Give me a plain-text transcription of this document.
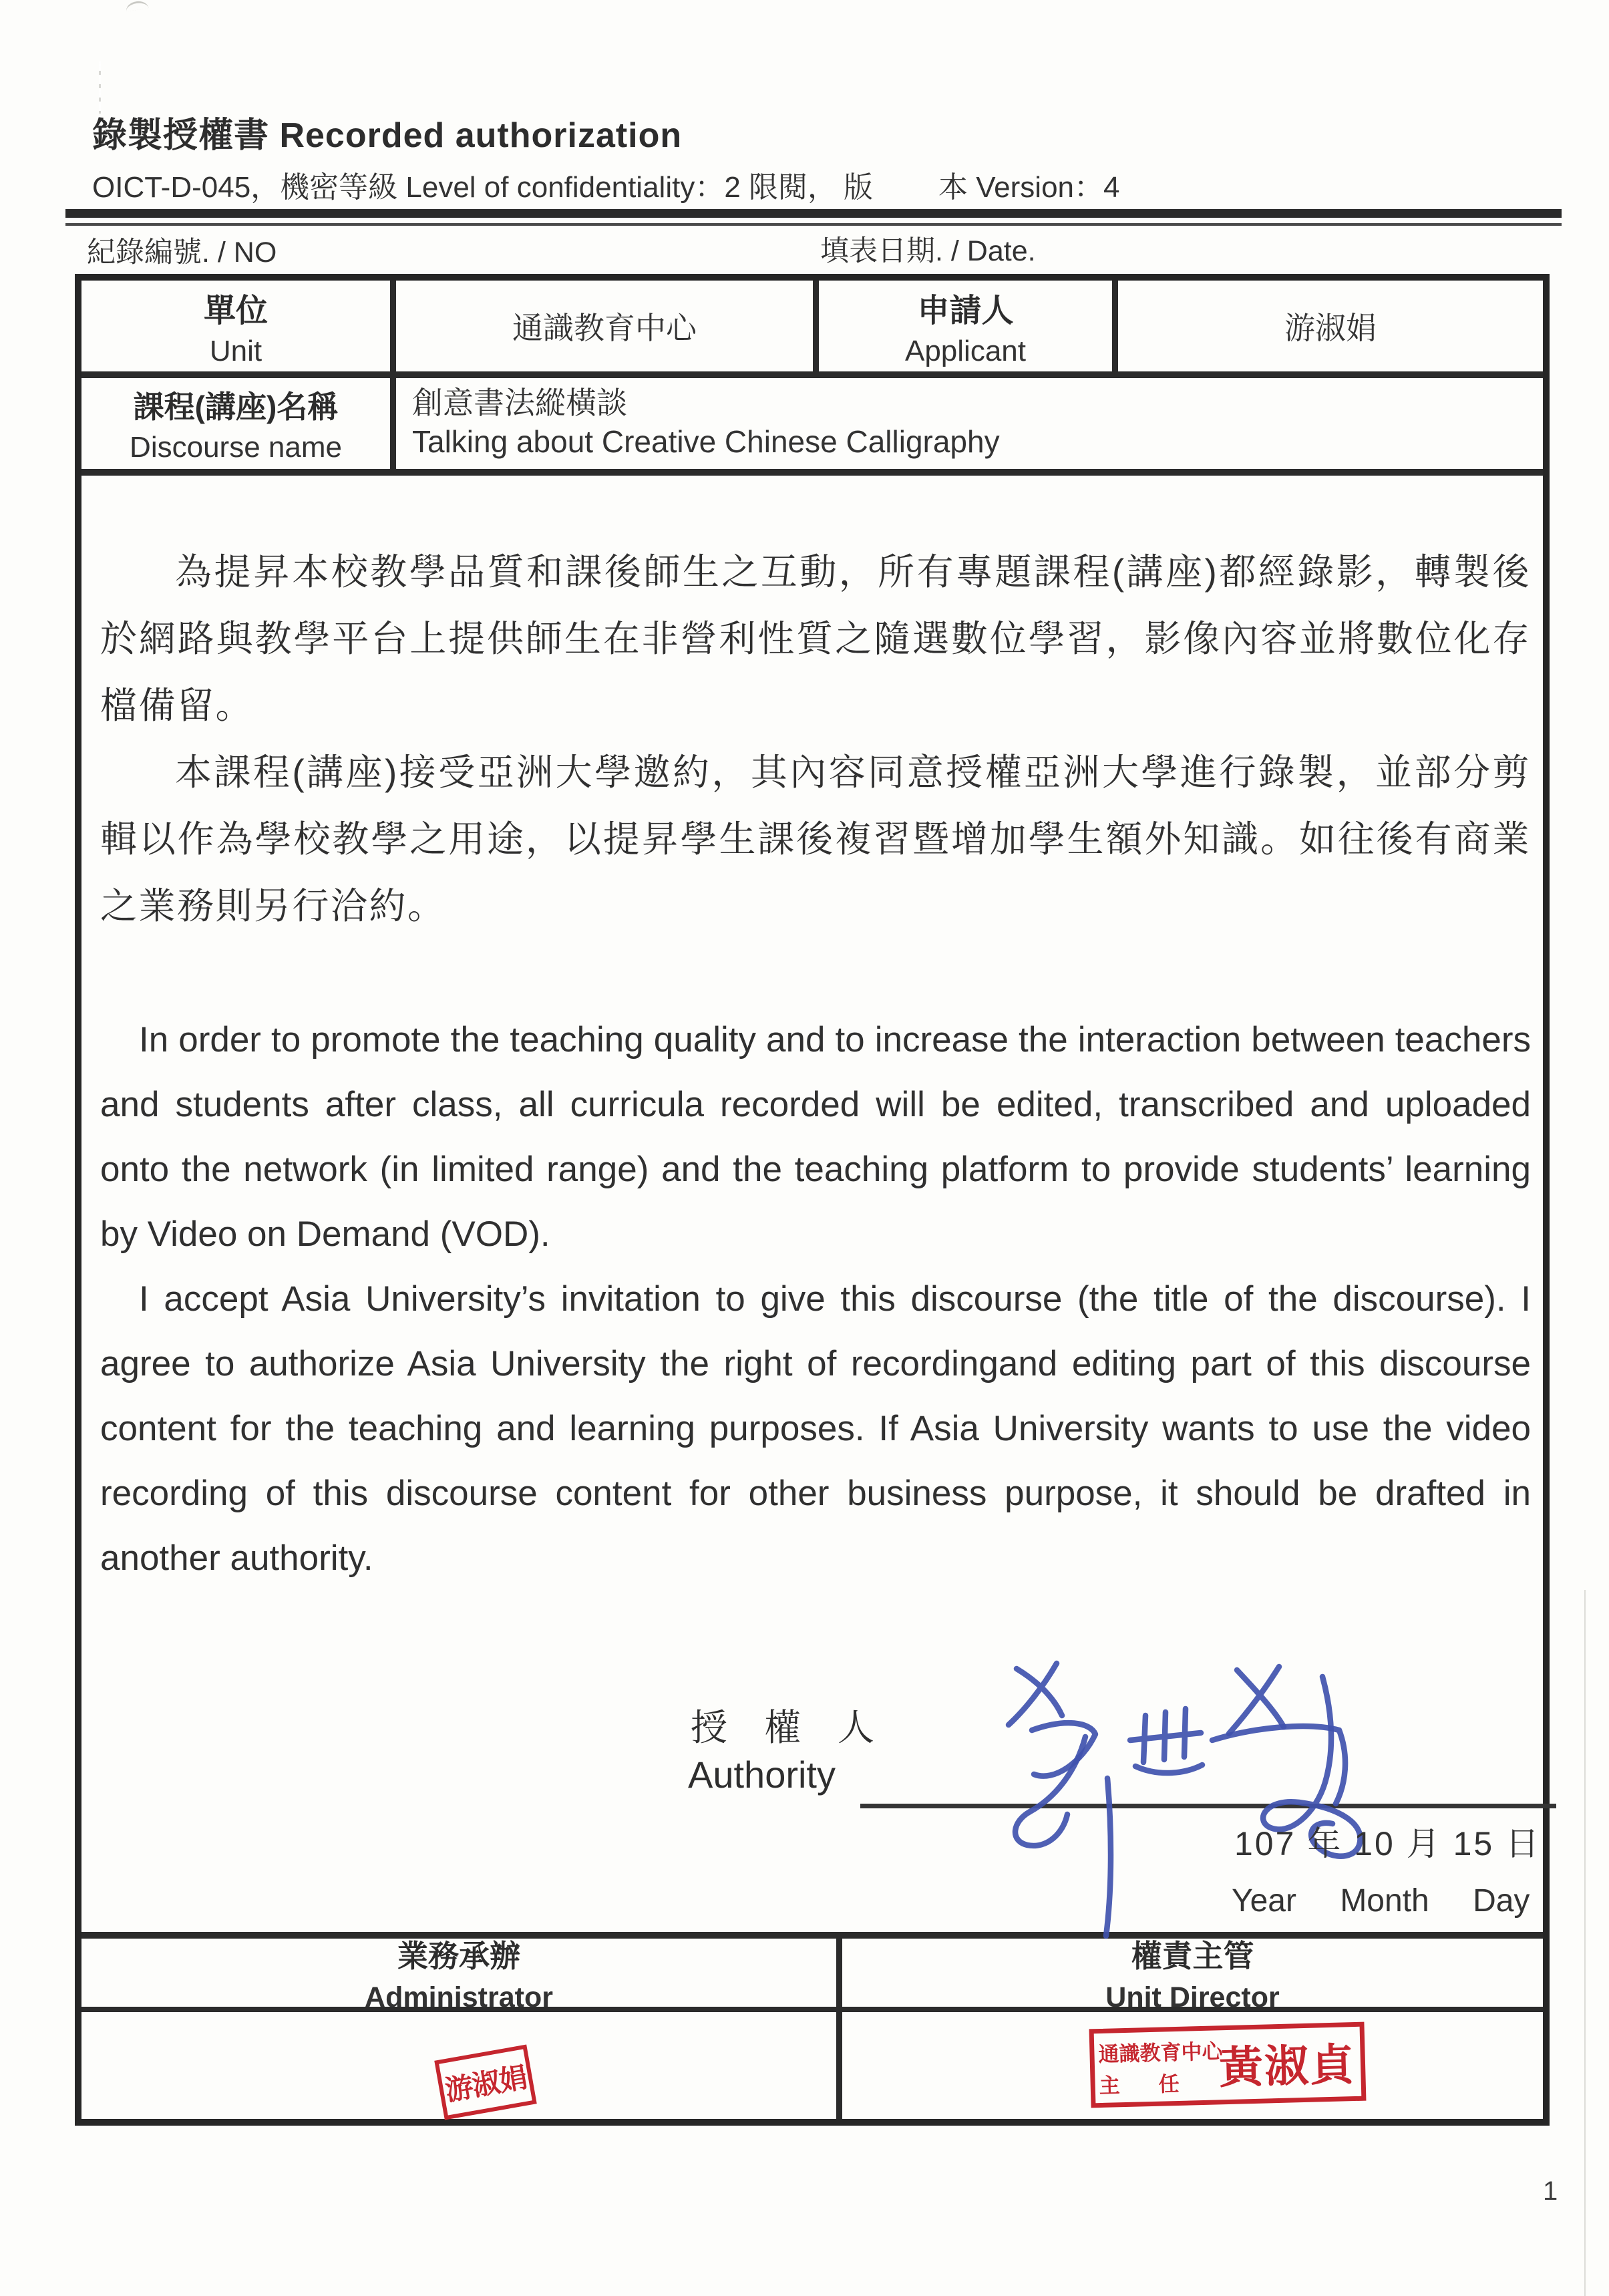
錄製授權書 Recorded authorization
OICT-D-045，機密等級 Level of confidentiality：2 限閱， 版 本 Version：4
紀錄編號. / NO	填表日期. / Date.
單位
Unit
通識教育中心	申請人
Applicant
游淑娟
課程(講座)名稱
Discourse name
創意書法縱橫談
Talking about Creative Chinese Calligraphy

為提昇本校教學品質和課後師生之互動，所有專題課程(講座)都經錄影，轉製後於網路與教學平台上提供師生在非營利性質之隨選數位學習，影像內容並將數位化存檔備留。

本課程(講座)接受亞洲大學邀約，其內容同意授權亞洲大學進行錄製，並部分剪輯以作為學校教學之用途，以提昇學生課後複習暨增加學生額外知識。如往後有商業之業務則另行洽約。

In order to promote the teaching quality and to increase the interaction between teachers and students after class, all curricula recorded will be edited, transcribed and uploaded onto the network (in limited range) and the teaching platform to provide students’ learning by Video on Demand (VOD).

I accept Asia University’s invitation to give this discourse (the title of the discourse). I agree to authorize Asia University the right of recordingand editing part of this discourse content for the teaching and learning purposes. If Asia University wants to use the video recording of this discourse content for other business purpose, it should be drafted in another authority.

授　權　人
Authority
107 年 10 月 15 日
Year Month Day
業務承辦
Administrator
權責主管
Unit Director
游淑娟
通識教育中心
主 任 黃淑貞
1
